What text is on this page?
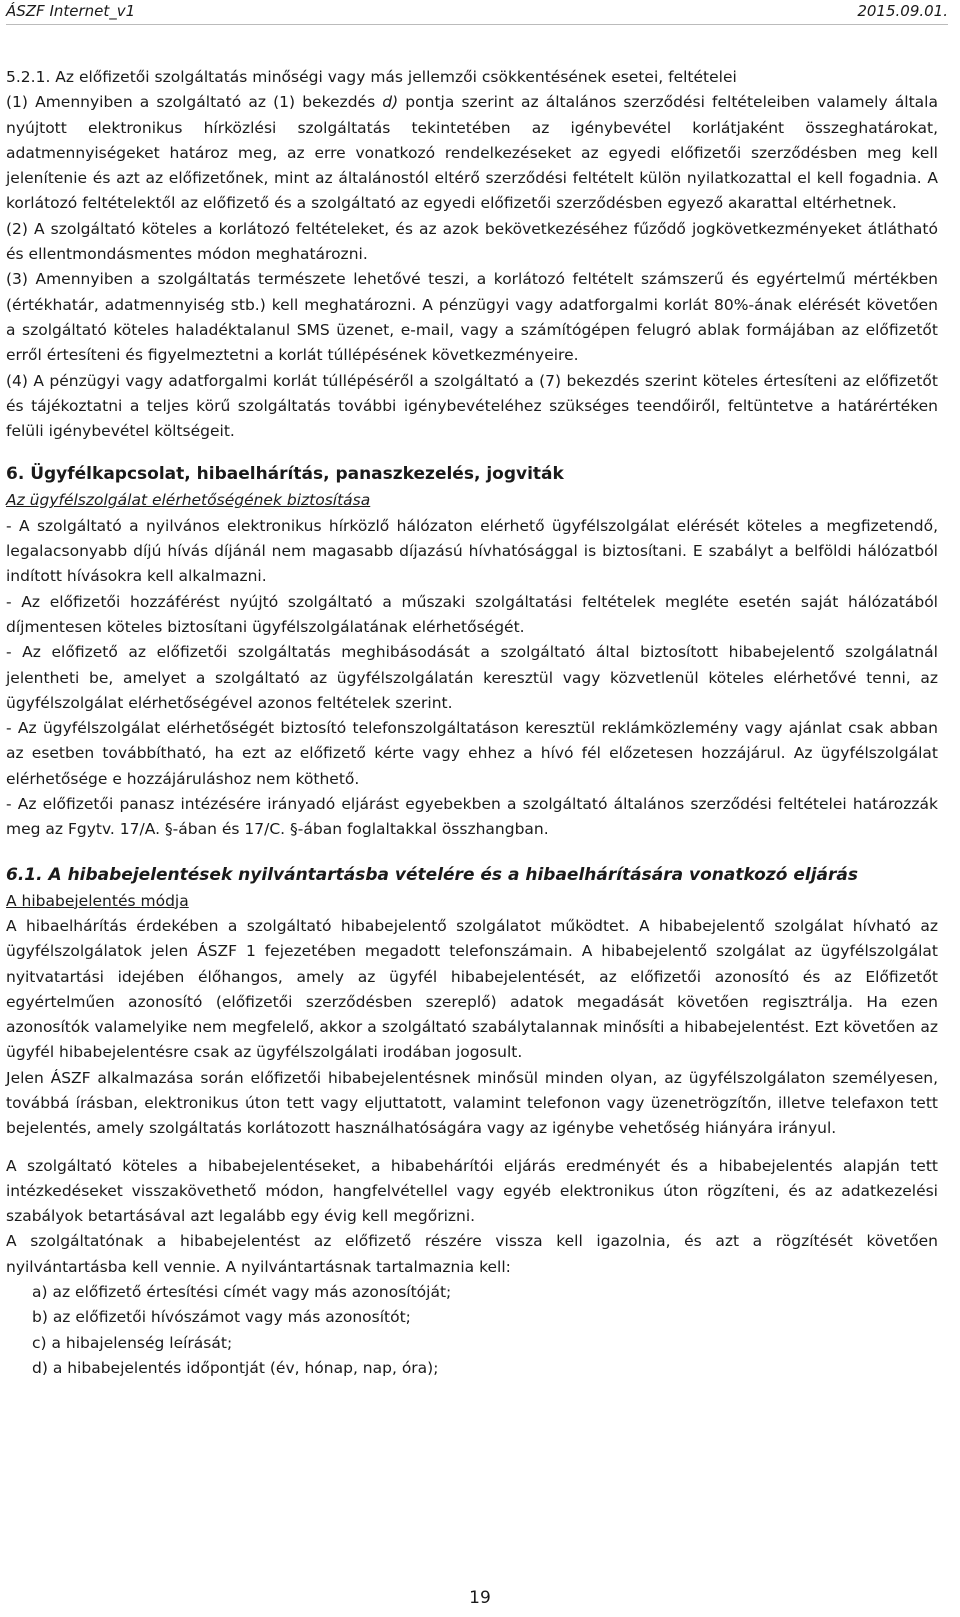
ÁSZF Internet_v1	2015.09.01.

5.2.1. Az előfizetői szolgáltatás minőségi vagy más jellemzői csökkentésének esetei, feltételei

(1) Amennyiben a szolgáltató az (1) bekezdés d) pontja szerint az általános szerződési feltételeiben valamely általa nyújtott elektronikus hírközlési szolgáltatás tekintetében az igénybevétel korlátjaként összeghatárokat, adatmennyiségeket határoz meg, az erre vonatkozó rendelkezéseket az egyedi előfizetői szerződésben meg kell jelenítenie és azt az előfizetőnek, mint az általánostól eltérő szerződési feltételt külön nyilatkozattal el kell fogadnia. A korlátozó feltételektől az előfizető és a szolgáltató az egyedi előfizetői szerződésben egyező akarattal eltérhetnek.

(2) A szolgáltató köteles a korlátozó feltételeket, és az azok bekövetkezéséhez fűződő jogkövetkezményeket átlátható és ellentmondásmentes módon meghatározni.

(3) Amennyiben a szolgáltatás természete lehetővé teszi, a korlátozó feltételt számszerű és egyértelmű mértékben (értékhatár, adatmennyiség stb.) kell meghatározni. A pénzügyi vagy adatforgalmi korlát 80%-ának elérését követően a szolgáltató köteles haladéktalanul SMS üzenet, e-mail, vagy a számítógépen felugró ablak formájában az előfizetőt erről értesíteni és figyelmeztetni a korlát túllépésének következményeire.

(4) A pénzügyi vagy adatforgalmi korlát túllépéséről a szolgáltató a (7) bekezdés szerint köteles értesíteni az előfizetőt és tájékoztatni a teljes körű szolgáltatás további igénybevételéhez szükséges teendőiről, feltüntetve a határértéken felüli igénybevétel költségeit.

6. Ügyfélkapcsolat, hibaelhárítás, panaszkezelés, jogviták

Az ügyfélszolgálat elérhetőségének biztosítása

- A szolgáltató a nyilvános elektronikus hírközlő hálózaton elérhető ügyfélszolgálat elérését köteles a megfizetendő, legalacsonyabb díjú hívás díjánál nem magasabb díjazású hívhatósággal is biztosítani. E szabályt a belföldi hálózatból indított hívásokra kell alkalmazni.

- Az előfizetői hozzáférést nyújtó szolgáltató a műszaki szolgáltatási feltételek megléte esetén saját hálózatából díjmentesen köteles biztosítani ügyfélszolgálatának elérhetőségét.

- Az előfizető az előfizetői szolgáltatás meghibásodását a szolgáltató által biztosított hibabejelentő szolgálatnál jelentheti be, amelyet a szolgáltató az ügyfélszolgálatán keresztül vagy közvetlenül köteles elérhetővé tenni, az ügyfélszolgálat elérhetőségével azonos feltételek szerint.

- Az ügyfélszolgálat elérhetőségét biztosító telefonszolgáltatáson keresztül reklámközlemény vagy ajánlat csak abban az esetben továbbítható, ha ezt az előfizető kérte vagy ehhez a hívó fél előzetesen hozzájárul. Az ügyfélszolgálat elérhetősége e hozzájáruláshoz nem köthető.

- Az előfizetői panasz intézésére irányadó eljárást egyebekben a szolgáltató általános szerződési feltételei határozzák meg az Fgytv. 17/A. §-ában és 17/C. §-ában foglaltakkal összhangban.

6.1. A hibabejelentések nyilvántartásba vételére és a hibaelhárítására vonatkozó eljárás

A hibabejelentés módja

A hibaelhárítás érdekében a szolgáltató hibabejelentő szolgálatot működtet. A hibabejelentő szolgálat hívható az ügyfélszolgálatok jelen ÁSZF 1 fejezetében megadott telefonszámain. A hibabejelentő szolgálat az ügyfélszolgálat nyitvatartási idejében élőhangos, amely az ügyfél hibabejelentését, az előfizetői azonosító és az Előfizetőt egyértelműen azonosító (előfizetői szerződésben szereplő) adatok megadását követően regisztrálja. Ha ezen azonosítók valamelyike nem megfelelő, akkor a szolgáltató szabálytalannak minősíti a hibabejelentést. Ezt követően az ügyfél hibabejelentésre csak az ügyfélszolgálati irodában jogosult.

Jelen ÁSZF alkalmazása során előfizetői hibabejelentésnek minősül minden olyan, az ügyfélszolgálaton személyesen, továbbá írásban, elektronikus úton tett vagy eljuttatott, valamint telefonon vagy üzenetrögzítőn, illetve telefaxon tett bejelentés, amely szolgáltatás korlátozott használhatóságára vagy az igénybe vehetőség hiányára irányul.

A szolgáltató köteles a hibabejelentéseket, a hibabehárítói eljárás eredményét és a hibabejelentés alapján tett intézkedéseket visszakövethető módon, hangfelvétellel vagy egyéb elektronikus úton rögzíteni, és az adatkezelési szabályok betartásával azt legalább egy évig kell megőrizni.

A szolgáltatónak a hibabejelentést az előfizető részére vissza kell igazolnia, és azt a rögzítését követően nyilvántartásba kell vennie. A nyilvántartásnak tartalmaznia kell:

a) az előfizető értesítési címét vagy más azonosítóját;
b) az előfizetői hívószámot vagy más azonosítót;
c) a hibajelenség leírását;
d) a hibabejelentés időpontját (év, hónap, nap, óra);
19
